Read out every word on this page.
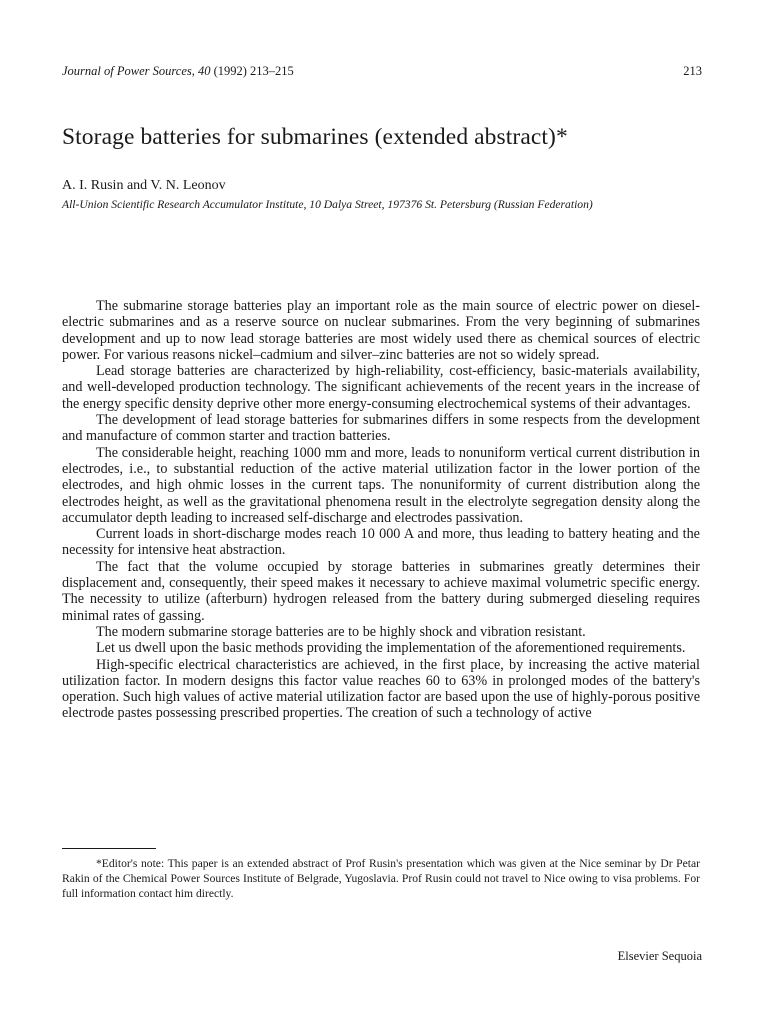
Journal of Power Sources, 40 (1992) 213–215	213
Storage batteries for submarines (extended abstract)*
A. I. Rusin and V. N. Leonov
All-Union Scientific Research Accumulator Institute, 10 Dalya Street, 197376 St. Petersburg (Russian Federation)

The submarine storage batteries play an important role as the main source of electric power on diesel-electric submarines and as a reserve source on nuclear submarines. From the very beginning of submarines development and up to now lead storage batteries are most widely used there as chemical sources of electric power. For various reasons nickel–cadmium and silver–zinc batteries are not so widely spread.

Lead storage batteries are characterized by high-reliability, cost-efficiency, basic-materials availability, and well-developed production technology. The significant achievements of the recent years in the increase of the energy specific density deprive other more energy-consuming electrochemical systems of their advantages.

The development of lead storage batteries for submarines differs in some respects from the development and manufacture of common starter and traction batteries.

The considerable height, reaching 1000 mm and more, leads to nonuniform vertical current distribution in electrodes, i.e., to substantial reduction of the active material utilization factor in the lower portion of the electrodes, and high ohmic losses in the current taps. The nonuniformity of current distribution along the electrodes height, as well as the gravitational phenomena result in the electrolyte segregation density along the accumulator depth leading to increased self-discharge and electrodes passivation.

Current loads in short-discharge modes reach 10 000 A and more, thus leading to battery heating and the necessity for intensive heat abstraction.

The fact that the volume occupied by storage batteries in submarines greatly determines their displacement and, consequently, their speed makes it necessary to achieve maximal volumetric specific energy. The necessity to utilize (afterburn) hydrogen released from the battery during submerged dieseling requires minimal rates of gassing.

The modern submarine storage batteries are to be highly shock and vibration resistant.

Let us dwell upon the basic methods providing the implementation of the aforementioned requirements.

High-specific electrical characteristics are achieved, in the first place, by increasing the active material utilization factor. In modern designs this factor value reaches 60 to 63% in prolonged modes of the battery's operation. Such high values of active material utilization factor are based upon the use of highly-porous positive electrode pastes possessing prescribed properties. The creation of such a technology of active

*Editor's note: This paper is an extended abstract of Prof Rusin's presentation which was given at the Nice seminar by Dr Petar Rakin of the Chemical Power Sources Institute of Belgrade, Yugoslavia. Prof Rusin could not travel to Nice owing to visa problems. For full information contact him directly.
Elsevier Sequoia
